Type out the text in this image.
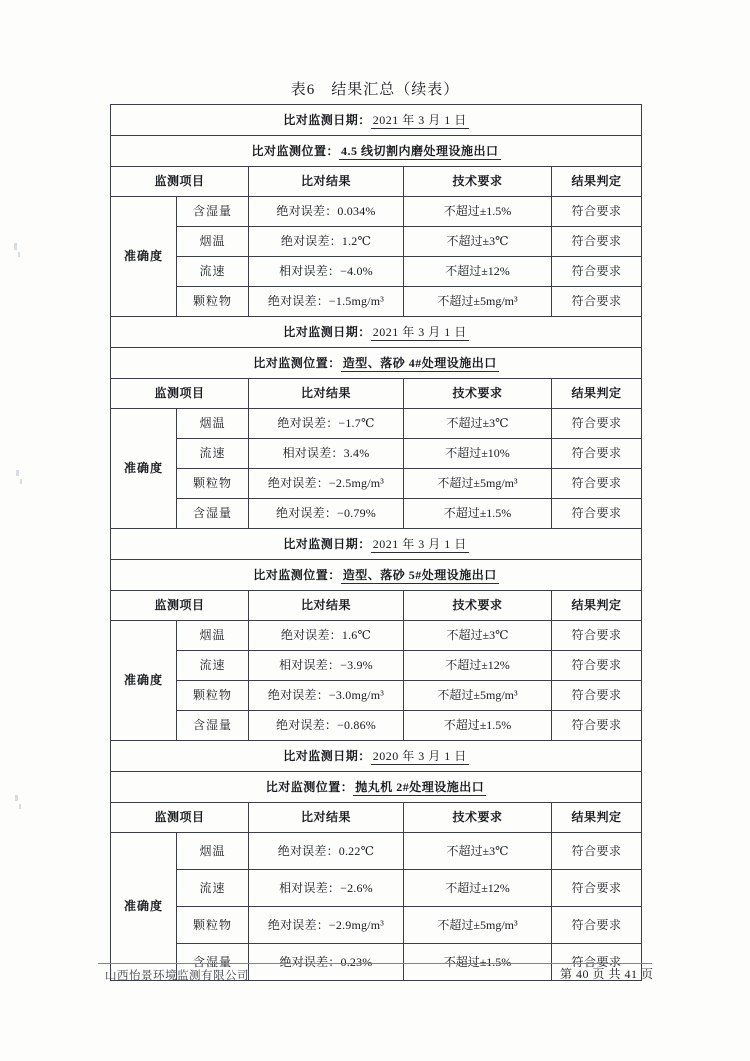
表6　结果汇总（续表）
比对监测日期： 2021 年 3 月 1 日				
比对监测位置： 4.5 线切割内磨处理设施出口				
监测项目		比对结果	技术要求	结果判定
准确度	含湿量	绝对误差：0.034%	不超过±1.5%	符合要求
	烟温	绝对误差：1.2℃	不超过±3℃	符合要求
	流速	相对误差：−4.0%	不超过±12%	符合要求
	颗粒物	绝对误差：−1.5mg/m³	不超过±5mg/m³	符合要求
比对监测日期： 2021 年 3 月 1 日				
比对监测位置： 造型、落砂 4#处理设施出口				
监测项目		比对结果	技术要求	结果判定
准确度	烟温	绝对误差：−1.7℃	不超过±3℃	符合要求
	流速	相对误差：3.4%	不超过±10%	符合要求
	颗粒物	绝对误差：−2.5mg/m³	不超过±5mg/m³	符合要求
	含湿量	绝对误差：−0.79%	不超过±1.5%	符合要求
比对监测日期： 2021 年 3 月 1 日				
比对监测位置： 造型、落砂 5#处理设施出口				
监测项目		比对结果	技术要求	结果判定
准确度	烟温	绝对误差：1.6℃	不超过±3℃	符合要求
	流速	相对误差：−3.9%	不超过±12%	符合要求
	颗粒物	绝对误差：−3.0mg/m³	不超过±5mg/m³	符合要求
	含湿量	绝对误差：−0.86%	不超过±1.5%	符合要求
比对监测日期： 2020 年 3 月 1 日				
比对监测位置： 抛丸机 2#处理设施出口				
监测项目		比对结果	技术要求	结果判定
准确度	烟温	绝对误差：0.22℃	不超过±3℃	符合要求
	流速	相对误差：−2.6%	不超过±12%	符合要求
	颗粒物	绝对误差：−2.9mg/m³	不超过±5mg/m³	符合要求
	含湿量	绝对误差：0.23%	不超过±1.5%	符合要求
山西怡景环境监测有限公司	第 40 页 共 41 页
